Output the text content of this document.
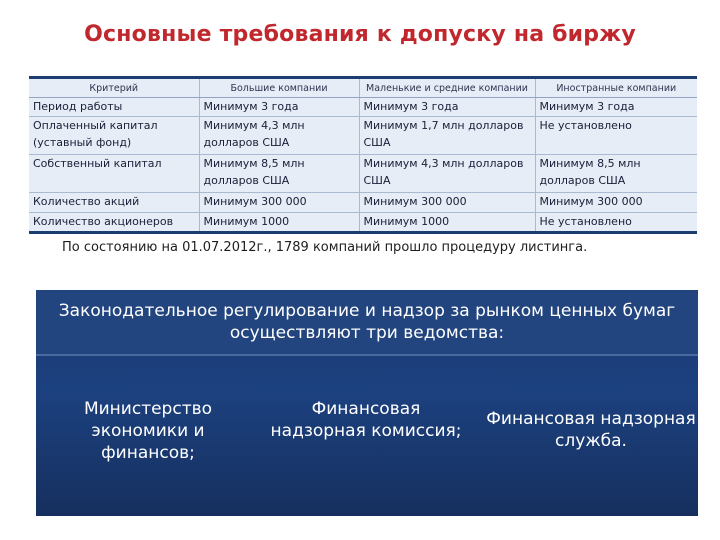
Основные требования к допуску на биржу
Критерий	Большие компании	Маленькие и средние компании	Иностранные компании
Период работы	Минимум 3 года	Минимум 3 года	Минимум 3 года
Оплаченный капитал (уставный фонд)	Минимум 4,3 млн долларов США	Минимум 1,7 млн долларов США	Не установлено
Собственный капитал	Минимум 8,5 млн долларов США	Минимум 4,3 млн долларов США	Минимум 8,5 млн долларов США
Количество акций	Минимум 300 000	Минимум 300 000	Минимум 300 000
Количество акционеров	Минимум 1000	Минимум 1000	Не установлено
По состоянию на 01.07.2012г., 1789 компаний прошло процедуру листинга.
Законодательное регулирование и надзор за рынком ценных бумаг осуществляют три ведомства:
Министерство экономики и финансов;
Финансовая надзорная комиссия;
Финансовая надзорная служба.
